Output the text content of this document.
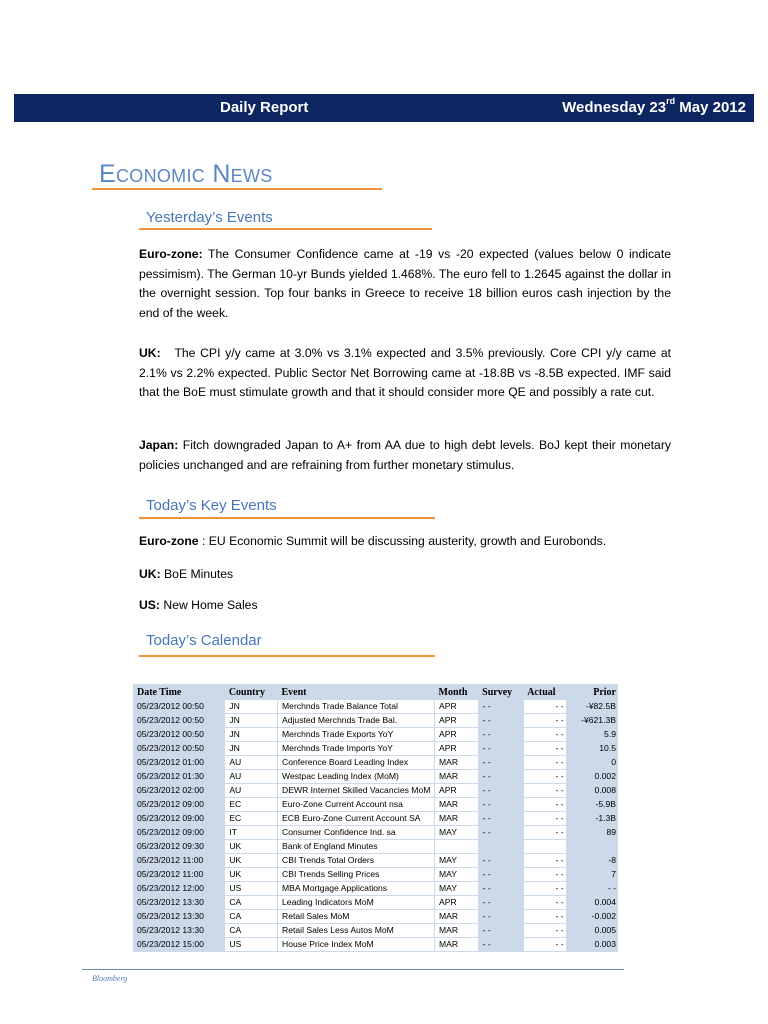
Daily Report	Wednesday 23rd May 2012
Economic News
Yesterday’s Events
Euro-zone: The Consumer Confidence came at -19 vs -20 expected (values below 0 indicate pessimism). The German 10-yr Bunds yielded 1.468%. The euro fell to 1.2645 against the dollar in the overnight session. Top four banks in Greece to receive 18 billion euros cash injection by the end of the week.
UK:   The CPI y/y came at 3.0% vs 3.1% expected and 3.5% previously. Core CPI y/y came at 2.1% vs 2.2% expected. Public Sector Net Borrowing came at -18.8B vs -8.5B expected. IMF said that the BoE must stimulate growth and that it should consider more QE and possibly a rate cut.
Japan: Fitch downgraded Japan to A+ from AA due to high debt levels. BoJ kept their monetary policies unchanged and are refraining from further monetary stimulus.
Today’s Key Events
Euro-zone : EU Economic Summit will be discussing austerity, growth and Eurobonds.
UK: BoE Minutes
US: New Home Sales
Today’s Calendar
Date Time	Country	Event	Month	Survey	Actual	Prior
05/23/2012 00:50	JN	Merchnds Trade Balance Total	APR	- -	- -	-¥82.5B
05/23/2012 00:50	JN	Adjusted Merchnds Trade Bal.	APR	- -	- -	-¥621.3B
05/23/2012 00:50	JN	Merchnds Trade Exports YoY	APR	- -	- -	5.9
05/23/2012 00:50	JN	Merchnds Trade Imports YoY	APR	- -	- -	10.5
05/23/2012 01:00	AU	Conference Board Leading Index	MAR	- -	- -	0
05/23/2012 01:30	AU	Westpac Leading Index (MoM)	MAR	- -	- -	0.002
05/23/2012 02:00	AU	DEWR Internet Skilled Vacancies MoM	APR	- -	- -	0.008
05/23/2012 09:00	EC	Euro-Zone Current Account nsa	MAR	- -	- -	-5.9B
05/23/2012 09:00	EC	ECB Euro-Zone Current Account SA	MAR	- -	- -	-1.3B
05/23/2012 09:00	IT	Consumer Confidence Ind. sa	MAY	- -	- -	89
05/23/2012 09:30	UK	Bank of England Minutes				
05/23/2012 11:00	UK	CBI Trends Total Orders	MAY	- -	- -	-8
05/23/2012 11:00	UK	CBI Trends Selling Prices	MAY	- -	- -	7
05/23/2012 12:00	US	MBA Mortgage Applications	MAY	- -	- -	- -
05/23/2012 13:30	CA	Leading Indicators MoM	APR	- -	- -	0.004
05/23/2012 13:30	CA	Retail Sales MoM	MAR	- -	- -	-0.002
05/23/2012 13:30	CA	Retail Sales Less Autos MoM	MAR	- -	- -	0.005
05/23/2012 15:00	US	House Price Index MoM	MAR	- -	- -	0.003
Bloomberg
